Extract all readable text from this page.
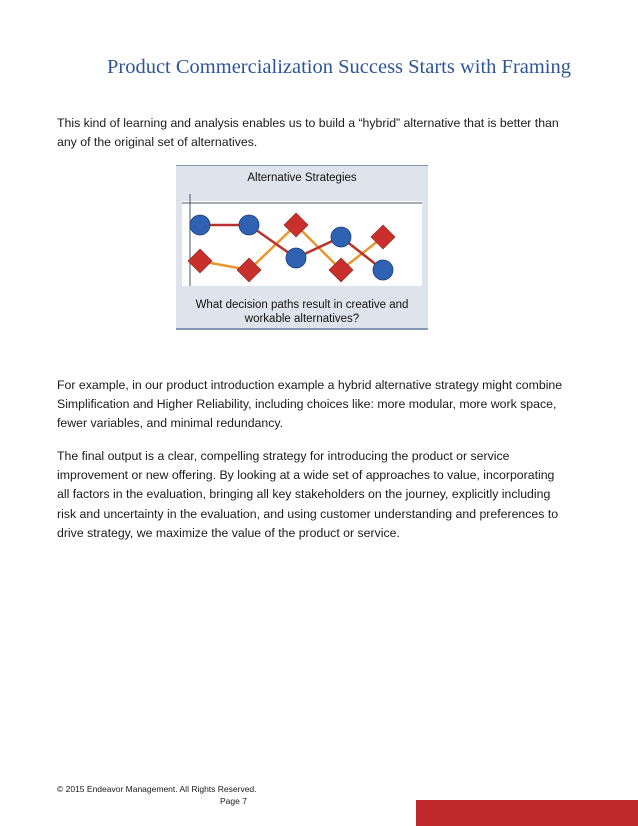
Product Commercialization Success Starts with Framing

This kind of learning and analysis enables us to build a “hybrid” alternative that is better than any of the original set of alternatives.

Alternative Strategies
What decision paths result in creative and
workable alternatives?

For example, in our product introduction example a hybrid alternative strategy might combine Simplification and Higher Reliability, including choices like: more modular, more work space, fewer variables, and minimal redundancy.

The final output is a clear, compelling strategy for introducing the product or service improvement or new offering. By looking at a wide set of approaches to value, incorporating all factors in the evaluation, bringing all key stakeholders on the journey, explicitly including risk and uncertainty in the evaluation, and using customer understanding and preferences to drive strategy, we maximize the value of the product or service.

© 2015 Endeavor Management. All Rights Reserved.
Page 7
